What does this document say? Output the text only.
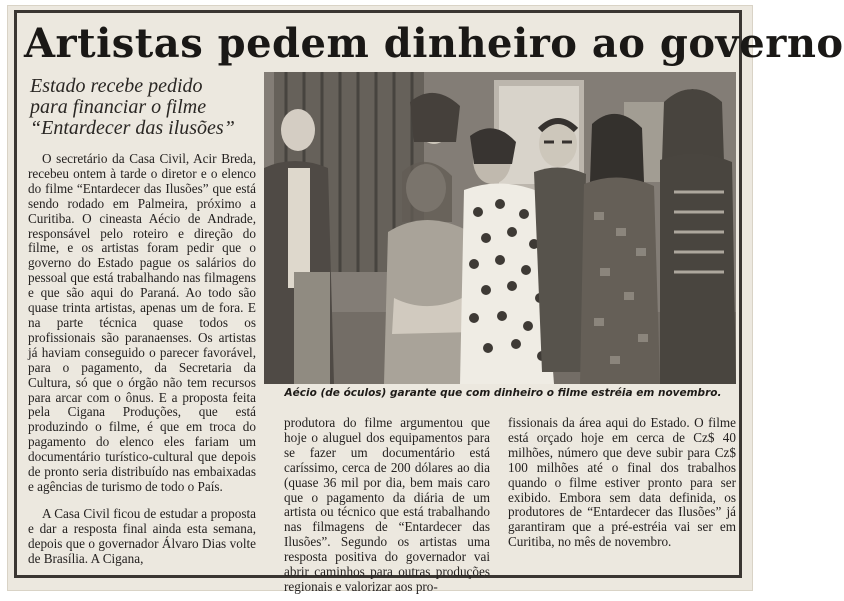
Artistas pedem dinheiro ao governo
Estado recebe pedido
para financiar o filme
“Entardecer das ilusões”
Aécio (de óculos) garante que com dinheiro o filme estréia em novembro.

O secretário da Casa Civil, Acir Breda, recebeu ontem à tarde o diretor e o elenco do filme “Entardecer das Ilusões” que está sendo rodado em Palmeira, próximo a Curitiba. O cineasta Aécio de Andrade, responsável pelo roteiro e direção do filme, e os artistas foram pedir que o governo do Estado pague os salários do pessoal que está trabalhando nas filmagens e que são aqui do Paraná. Ao todo são quase trinta artistas, apenas um de fora. E na parte técnica quase todos os profissionais são paranaenses. Os artistas já haviam conseguido o parecer favorável, para o pagamento, da Secretaria da Cultura, só que o órgão não tem recursos para arcar com o ônus. E a proposta feita pela Cigana Produções, que está produzindo o filme, é que em troca do pagamento do elenco eles fariam um documentário turístico-cultural que depois de pronto seria distribuído nas embaixadas e agências de turismo de todo o País.

A Casa Civil ficou de estudar a proposta e dar a resposta final ainda esta semana, depois que o governador Álvaro Dias volte de Brasília. A Cigana,

produtora do filme argumentou que hoje o aluguel dos equipamentos para se fazer um documentário está caríssimo, cerca de 200 dólares ao dia (quase 36 mil por dia, bem mais caro que o pagamento da diária de um artista ou técnico que está trabalhando nas filmagens de “Entardecer das Ilusões”. Segundo os artistas uma resposta positiva do governador vai abrir caminhos para outras produções regionais e valorizar aos pro-

fissionais da área aqui do Estado. O filme está orçado hoje em cerca de Cz$ 40 milhões, número que deve subir para Cz$ 100 milhões até o final dos trabalhos quando o filme estiver pronto para ser exibido. Embora sem data definida, os produtores de “Entardecer das Ilusões” já garantiram que a pré-estréia vai ser em Curitiba, no mês de novembro.
